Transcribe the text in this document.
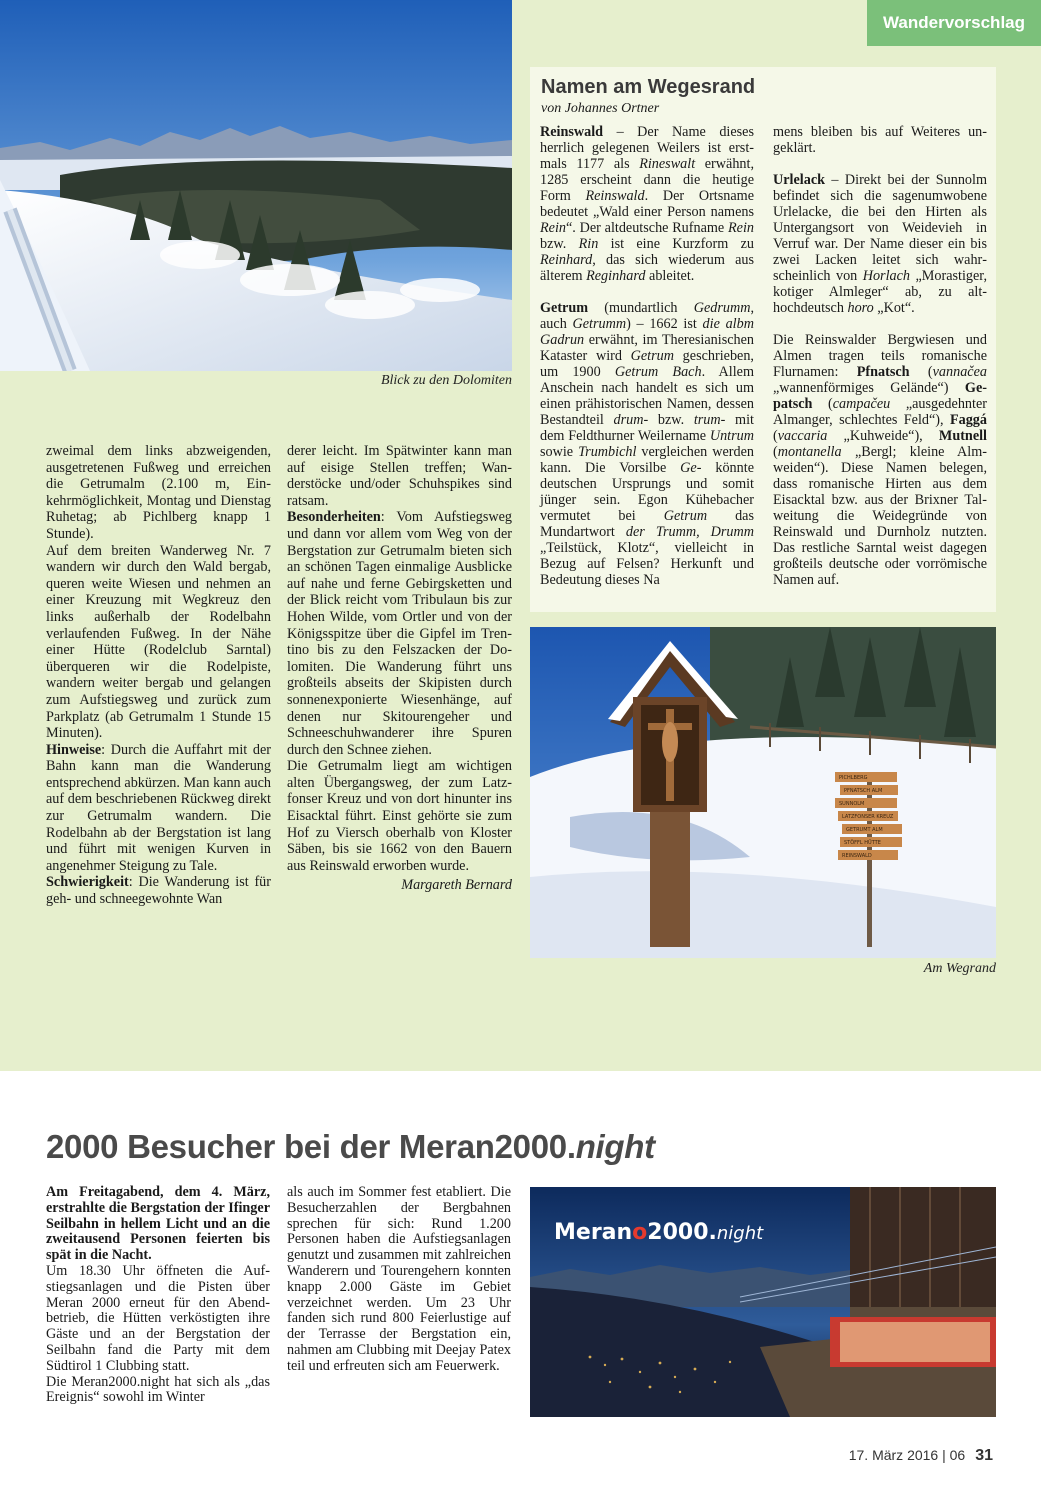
Wandervorschlag
Blick zu den Dolomiten
Namen am Wegesrand
von Johannes Ortner

Reinswald – Der Name dieses herrlich gelegenen Weilers ist erstmals 1177 als Rineswalt erwähnt, 1285 erscheint dann die heutige Form Reinswald. Der Ortsname bedeutet „Wald einer Person namens Rein“. Der altdeutsche Rufname Rein bzw. Rin ist eine Kurzform zu Reinhard, das sich wiederum aus älterem Reginhard ableitet.

Getrum (mundartlich Gedrumm, auch Getrumm) – 1662 ist die albm Gadrun erwähnt, im Theresianischen Kataster wird Getrum geschrieben, um 1900 Getrum Bach. Allem Anschein nach handelt es sich um einen prähistorischen Namen, dessen Bestandteil drum- bzw. trum- mit dem Feldthurner Weilername Untrum sowie Trumbichl vergleichen werden kann. Die Vorsilbe Ge- könnte deutschen Ursprungs und somit jünger sein. Egon Kühebacher vermutet bei Getrum das Mundartwort der Trumm, Drumm „Teilstück, Klotz“, vielleicht in Bezug auf Felsen? Herkunft und Bedeutung dieses Na

mens bleiben bis auf Weiteres ungeklärt.

Urlelack – Direkt bei der Sunnolm befindet sich die sagenumwobene Urlelacke, die bei den Hirten als Untergangsort von Weidevieh in Verruf war. Der Name dieser ein bis zwei Lacken leitet sich wahrscheinlich von Horlach „Morastiger, kotiger Almleger“ ab, zu althochdeutsch horo „Kot“.

Die Reinswalder Bergwiesen und Almen tragen teils romanische Flurnamen: Pfnatsch (vannačea „wannenförmiges Gelände“) Gepatsch (campačeu „ausgedehnter Almanger, schlechtes Feld“), Faggá (vaccaria „Kuhweide“), Mutnell (montanella „Bergl; kleine Almweiden“). Diese Namen belegen, dass romanische Hirten aus dem Eisacktal bzw. aus der Brixner Talweitung die Weidegründe von Reinswald und Durnholz nutzten. Das restliche Sarntal weist dagegen großteils deutsche oder vorrömische Namen auf.

PICHLBERG
PFNATSCH ALM
SUNNOLM
LATZFONSER KREUZ
GETRUMT ALM
STÖFFL HÜTTE
REINSWALD
Am Wegrand
zweimal dem links abzweigenden, ausgetretenen Fußweg und erreichen die Getrumalm (2.100 m, Einkehrmöglichkeit, Montag und Dienstag Ruhetag; ab Pichlberg knapp 1 Stunde).
Auf dem breiten Wanderweg Nr. 7 wandern wir durch den Wald bergab, queren weite Wiesen und nehmen an einer Kreuzung mit Wegkreuz den links außerhalb der Rodelbahn verlaufenden Fußweg. In der Nähe einer Hütte (Rodelclub Sarntal) überqueren wir die Rodelpiste, wandern weiter bergab und gelangen zum Aufstiegsweg und zurück zum Parkplatz (ab Getrumalm 1 Stunde 15 Minuten).
Hinweise: Durch die Auffahrt mit der Bahn kann man die Wanderung entsprechend abkürzen. Man kann auch auf dem beschriebenen Rückweg direkt zur Getrumalm wandern. Die Rodelbahn ab der Bergstation ist lang und führt mit wenigen Kurven in angenehmer Steigung zu Tale.
Schwierigkeit: Die Wanderung ist für geh- und schneegewohnte Wan
derer leicht. Im Spätwinter kann man auf eisige Stellen treffen; Wanderstöcke und/oder Schuhspikes sind ratsam.
Besonderheiten: Vom Aufstiegsweg und dann vor allem vom Weg von der Bergstation zur Getrumalm bieten sich an schönen Tagen einmalige Ausblicke auf nahe und ferne Gebirgsketten und der Blick reicht vom Tribulaun bis zur Hohen Wilde, vom Ortler und von der Königsspitze über die Gipfel im Trentino bis zu den Felszacken der Dolomiten. Die Wanderung führt uns großteils abseits der Skipisten durch sonnenexponierte Wiesenhänge, auf denen nur Skitourengeher und Schneeschuhwanderer ihre Spuren durch den Schnee ziehen.
Die Getrumalm liegt am wichtigen alten Übergangsweg, der zum Latzfonser Kreuz und von dort hinunter ins Eisacktal führt. Einst gehörte sie zum Hof zu Viersch oberhalb von Kloster Säben, bis sie 1662 von den Bauern aus Reinswald erworben wurde.
Margareth Bernard
2000 Besucher bei der Meran2000.night
Am Freitagabend, dem 4. März, erstrahlte die Bergstation der Ifinger Seilbahn in hellem Licht und an die zweitausend Personen feierten bis spät in die Nacht.
Um 18.30 Uhr öffneten die Aufstiegsanlagen und die Pisten über Meran 2000 erneut für den Abendbetrieb, die Hütten verköstigten ihre Gäste und an der Bergstation der Seilbahn fand die Party mit dem Südtirol 1 Clubbing statt.
Die Meran2000.night hat sich als „das Ereignis“ sowohl im Winter
als auch im Sommer fest etabliert. Die Besucherzahlen der Bergbahnen sprechen für sich: Rund 1.200 Personen haben die Aufstiegsanlagen genutzt und zusammen mit zahlreichen Wanderern und Tourengehern konnten knapp 2.000 Gäste im Gebiet verzeichnet werden. Um 23 Uhr fanden sich rund 800 Feierlustige auf der Terrasse der Bergstation ein, nahmen am Clubbing mit Deejay Patex teil und erfreuten sich am Feuerwerk.
Merano2000.night
17. März 2016 | 06 31
